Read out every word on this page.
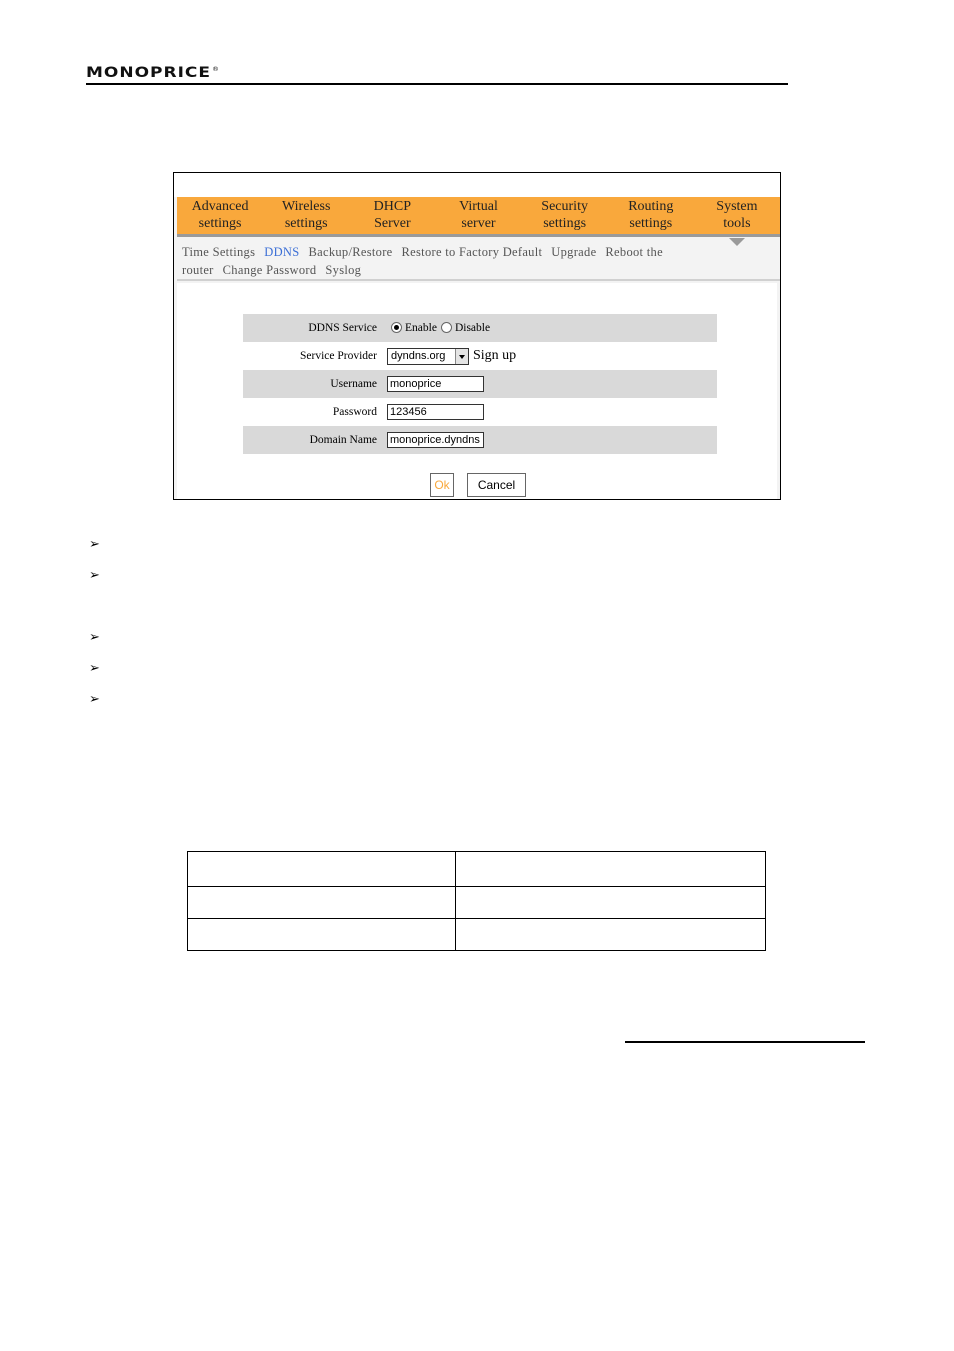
MONOPRICE®
Advanced
settings
Wireless
settings
DHCP
Server
Virtual
server
Security
settings
Routing
settings
System
tools
Time Settings DDNS Backup/Restore Restore to Factory Default Upgrade Reboot the router Change Password Syslog
DDNS Service Enable Disable
Service Provider	dyndns.org	Sign up
Username monoprice
Password 123456
Domain Name monoprice.dyndns
Ok	Cancel
➢
➢
➢
➢
➢
